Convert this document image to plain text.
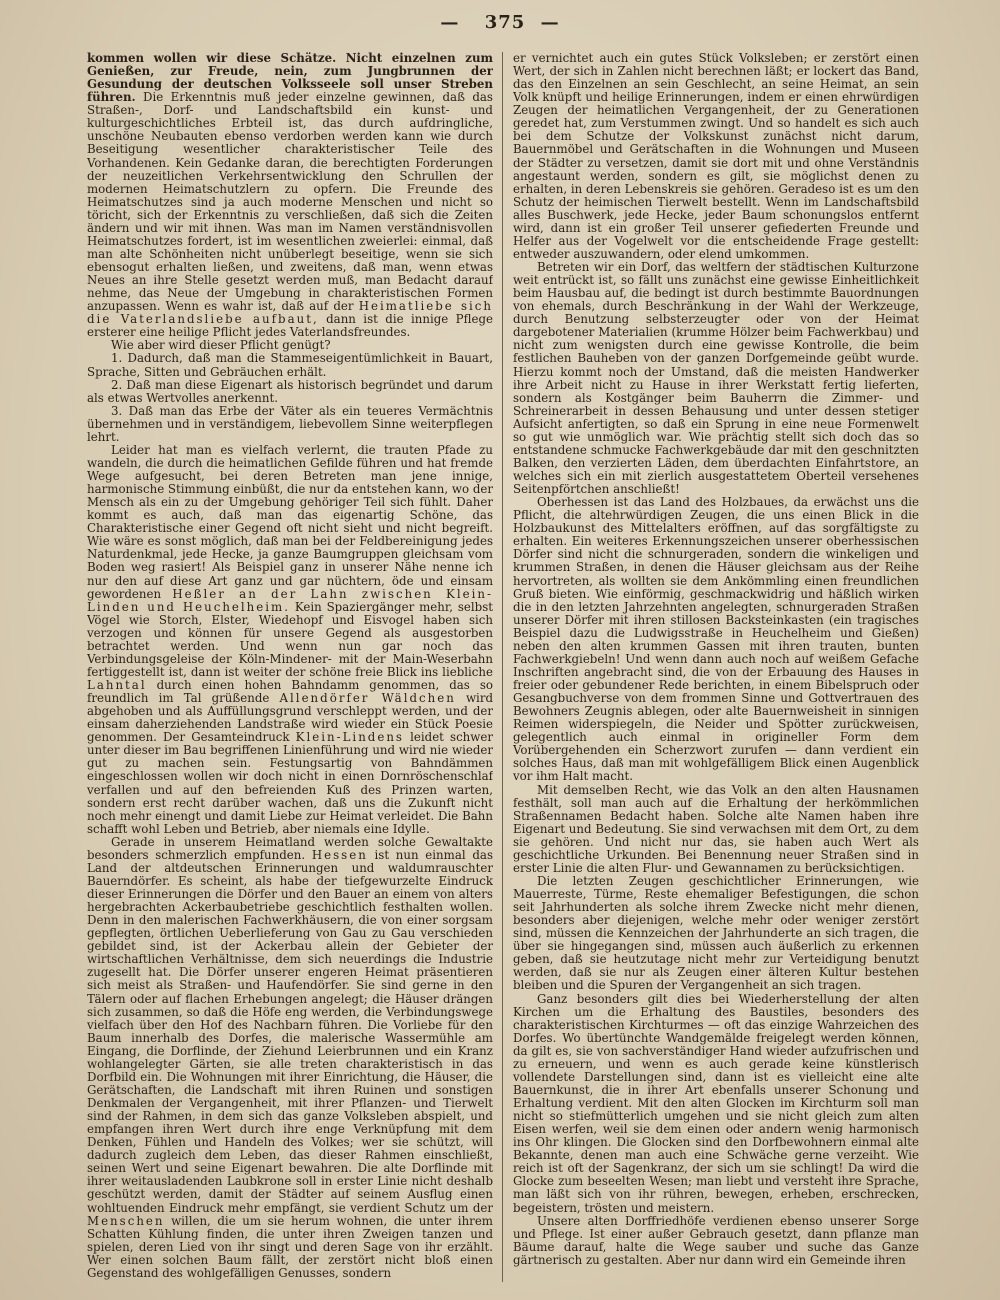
— 375 —

kommen wollen wir diese Schätze. Nicht einzelnen zum Genießen, zur Freude, nein, zum Jungbrunnen der Gesundung der deutschen Volksseele soll unser Streben führen. Die Erkenntnis muß jeder einzelne gewinnen, daß das Straßen-, Dorf- und Landschaftsbild ein kunst- und kulturgeschichtliches Erbteil ist, das durch aufdringliche, unschöne Neubauten ebenso verdorben werden kann wie durch Beseitigung wesentlicher charakteristischer Teile des Vorhandenen. Kein Gedanke daran, die berechtigten Forderungen der neuzeitlichen Verkehrsentwicklung den Schrullen der modernen Heimatschutzlern zu opfern. Die Freunde des Heimatschutzes sind ja auch moderne Menschen und nicht so töricht, sich der Erkenntnis zu verschließen, daß sich die Zeiten ändern und wir mit ihnen. Was man im Namen verständnisvollen Heimatschutzes fordert, ist im wesentlichen zweierlei: einmal, daß man alte Schönheiten nicht unüberlegt beseitige, wenn sie sich ebensogut erhalten ließen, und zweitens, daß man, wenn etwas Neues an ihre Stelle gesetzt werden muß, man Bedacht darauf nehme, das Neue der Umgebung in charakteristischen Formen anzupassen. Wenn es wahr ist, daß auf der Heimatliebe sich die Vaterlandsliebe aufbaut, dann ist die innige Pflege ersterer eine heilige Pflicht jedes Vaterlandsfreundes.

Wie aber wird dieser Pflicht genügt?

1. Dadurch, daß man die Stammeseigentümlichkeit in Bauart, Sprache, Sitten und Gebräuchen erhält.

2. Daß man diese Eigenart als historisch begründet und darum als etwas Wertvolles anerkennt.

3. Daß man das Erbe der Väter als ein teueres Vermächtnis übernehmen und in verständigem, liebevollem Sinne weiterpflegen lehrt.

Leider hat man es vielfach verlernt, die trauten Pfade zu wandeln, die durch die heimatlichen Gefilde führen und hat fremde Wege aufgesucht, bei deren Betreten man jene innige, harmonische Stimmung einbüßt, die nur da entstehen kann, wo der Mensch als ein zu der Umgebung gehöriger Teil sich fühlt. Daher kommt es auch, daß man das eigenartig Schöne, das Charakteristische einer Gegend oft nicht sieht und nicht begreift. Wie wäre es sonst möglich, daß man bei der Feldbereinigung jedes Naturdenkmal, jede Hecke, ja ganze Baumgruppen gleichsam vom Boden weg rasiert! Als Beispiel ganz in unserer Nähe nenne ich nur den auf diese Art ganz und gar nüchtern, öde und einsam gewordenen Heßler an der Lahn zwischen Klein-Linden und Heuchelheim. Kein Spaziergänger mehr, selbst Vögel wie Storch, Elster, Wiedehopf und Eisvogel haben sich verzogen und können für unsere Gegend als ausgestorben betrachtet werden. Und wenn nun gar noch das Verbindungsgeleise der Köln-Mindener- mit der Main-Weserbahn fertiggestellt ist, dann ist weiter der schöne freie Blick ins liebliche Lahntal durch einen hohen Bahndamm genommen, das so freundlich im Tal grüßende Allendörfer Wäldchen wird abgehoben und als Auffüllungsgrund verschleppt werden, und der einsam daherziehenden Landstraße wird wieder ein Stück Poesie genommen. Der Gesamteindruck Klein-Lindens leidet schwer unter dieser im Bau begriffenen Linienführung und wird nie wieder gut zu machen sein. Festungsartig von Bahndämmen eingeschlossen wollen wir doch nicht in einen Dornröschenschlaf verfallen und auf den befreienden Kuß des Prinzen warten, sondern erst recht darüber wachen, daß uns die Zukunft nicht noch mehr einengt und damit Liebe zur Heimat verleidet. Die Bahn schafft wohl Leben und Betrieb, aber niemals eine Idylle.

Gerade in unserem Heimatland werden solche Gewaltakte besonders schmerzlich empfunden. Hessen ist nun einmal das Land der altdeutschen Erinnerungen und waldumrauschter Bauerndörfer. Es scheint, als habe der tiefgewurzelte Eindruck dieser Erinnerungen die Dörfer und den Bauer an einem von alters hergebrachten Ackerbaubetriebe geschichtlich festhalten wollen. Denn in den malerischen Fachwerkhäusern, die von einer sorgsam gepflegten, örtlichen Ueberlieferung von Gau zu Gau verschieden gebildet sind, ist der Ackerbau allein der Gebieter der wirtschaftlichen Verhältnisse, dem sich neuerdings die Industrie zugesellt hat. Die Dörfer unserer engeren Heimat präsentieren sich meist als Straßen- und Haufendörfer. Sie sind gerne in den Tälern oder auf flachen Erhebungen angelegt; die Häuser drängen sich zusammen, so daß die Höfe eng werden, die Verbindungswege vielfach über den Hof des Nachbarn führen. Die Vorliebe für den Baum innerhalb des Dorfes, die malerische Wassermühle am Eingang, die Dorflinde, der Ziehund Leierbrunnen und ein Kranz wohlangelegter Gärten, sie alle treten charakteristisch in das Dorfbild ein. Die Wohnungen mit ihrer Einrichtung, die Häuser, die Gerätschaften, die Landschaft mit ihren Ruinen und sonstigen Denkmalen der Vergangenheit, mit ihrer Pflanzen- und Tierwelt sind der Rahmen, in dem sich das ganze Volksleben abspielt, und empfangen ihren Wert durch ihre enge Verknüpfung mit dem Denken, Fühlen und Handeln des Volkes; wer sie schützt, will dadurch zugleich dem Leben, das dieser Rahmen einschließt, seinen Wert und seine Eigenart bewahren. Die alte Dorflinde mit ihrer weitausladenden Laubkrone soll in erster Linie nicht deshalb geschützt werden, damit der Städter auf seinem Ausflug einen wohltuenden Eindruck mehr empfängt, sie verdient Schutz um der Menschen willen, die um sie herum wohnen, die unter ihrem Schatten Kühlung finden, die unter ihren Zweigen tanzen und spielen, deren Lied von ihr singt und deren Sage von ihr erzählt. Wer einen solchen Baum fällt, der zerstört nicht bloß einen Gegenstand des wohlgefälligen Genusses, sondern

er vernichtet auch ein gutes Stück Volksleben; er zerstört einen Wert, der sich in Zahlen nicht berechnen läßt; er lockert das Band, das den Einzelnen an sein Geschlecht, an seine Heimat, an sein Volk knüpft und heilige Erinnerungen, indem er einen ehrwürdigen Zeugen der heimatlichen Vergangenheit, der zu Generationen geredet hat, zum Verstummen zwingt. Und so handelt es sich auch bei dem Schutze der Volkskunst zunächst nicht darum, Bauernmöbel und Gerätschaften in die Wohnungen und Museen der Städter zu versetzen, damit sie dort mit und ohne Verständnis angestaunt werden, sondern es gilt, sie möglichst denen zu erhalten, in deren Lebenskreis sie gehören. Geradeso ist es um den Schutz der heimischen Tierwelt bestellt. Wenn im Landschaftsbild alles Buschwerk, jede Hecke, jeder Baum schonungslos entfernt wird, dann ist ein großer Teil unserer gefiederten Freunde und Helfer aus der Vogelwelt vor die entscheidende Frage gestellt: entweder auszuwandern, oder elend umkommen.

Betreten wir ein Dorf, das weltfern der städtischen Kulturzone weit entrückt ist, so fällt uns zunächst eine gewisse Einheitlichkeit beim Hausbau auf, die bedingt ist durch bestimmte Bauordnungen von ehemals, durch Beschränkung in der Wahl der Werkzeuge, durch Benutzung selbsterzeugter oder von der Heimat dargebotener Materialien (krumme Hölzer beim Fachwerkbau) und nicht zum wenigsten durch eine gewisse Kontrolle, die beim festlichen Bauheben von der ganzen Dorfgemeinde geübt wurde. Hierzu kommt noch der Umstand, daß die meisten Handwerker ihre Arbeit nicht zu Hause in ihrer Werkstatt fertig lieferten, sondern als Kostgänger beim Bauherrn die Zimmer- und Schreinerarbeit in dessen Behausung und unter dessen stetiger Aufsicht anfertigten, so daß ein Sprung in eine neue Formenwelt so gut wie unmöglich war. Wie prächtig stellt sich doch das so entstandene schmucke Fachwerkgebäude dar mit den geschnitzten Balken, den verzierten Läden, dem überdachten Einfahrtstore, an welches sich ein mit zierlich ausgestattetem Oberteil versehenes Seitenpförtchen anschließt!

Oberhessen ist das Land des Holzbaues, da erwächst uns die Pflicht, die altehrwürdigen Zeugen, die uns einen Blick in die Holzbaukunst des Mittelalters eröffnen, auf das sorgfältigste zu erhalten. Ein weiteres Erkennungszeichen unserer oberhessischen Dörfer sind nicht die schnurgeraden, sondern die winkeligen und krummen Straßen, in denen die Häuser gleichsam aus der Reihe hervortreten, als wollten sie dem Ankömmling einen freundlichen Gruß bieten. Wie einförmig, geschmackwidrig und häßlich wirken die in den letzten Jahrzehnten angelegten, schnurgeraden Straßen unserer Dörfer mit ihren stillosen Backsteinkasten (ein tragisches Beispiel dazu die Ludwigsstraße in Heuchelheim und Gießen) neben den alten krummen Gassen mit ihren trauten, bunten Fachwerkgiebeln! Und wenn dann auch noch auf weißem Gefache Inschriften angebracht sind, die von der Erbauung des Hauses in freier oder gebundener Rede berichten, in einem Bibelspruch oder Gesangbuchverse von dem frommen Sinne und Gottvertrauen des Bewohners Zeugnis ablegen, oder alte Bauernweisheit in sinnigen Reimen widerspiegeln, die Neider und Spötter zurückweisen, gelegentlich auch einmal in origineller Form dem Vorübergehenden ein Scherzwort zurufen — dann verdient ein solches Haus, daß man mit wohlgefälligem Blick einen Augenblick vor ihm Halt macht.

Mit demselben Recht, wie das Volk an den alten Hausnamen festhält, soll man auch auf die Erhaltung der herkömmlichen Straßennamen Bedacht haben. Solche alte Namen haben ihre Eigenart und Bedeutung. Sie sind verwachsen mit dem Ort, zu dem sie gehören. Und nicht nur das, sie haben auch Wert als geschichtliche Urkunden. Bei Benennung neuer Straßen sind in erster Linie die alten Flur- und Gewannamen zu berücksichtigen.

Die letzten Zeugen geschichtlicher Erinnerungen, wie Mauerreste, Türme, Reste ehemaliger Befestigungen, die schon seit Jahrhunderten als solche ihrem Zwecke nicht mehr dienen, besonders aber diejenigen, welche mehr oder weniger zerstört sind, müssen die Kennzeichen der Jahrhunderte an sich tragen, die über sie hingegangen sind, müssen auch äußerlich zu erkennen geben, daß sie heutzutage nicht mehr zur Verteidigung benutzt werden, daß sie nur als Zeugen einer älteren Kultur bestehen bleiben und die Spuren der Vergangenheit an sich tragen.

Ganz besonders gilt dies bei Wiederherstellung der alten Kirchen um die Erhaltung des Baustiles, besonders des charakteristischen Kirchturmes — oft das einzige Wahrzeichen des Dorfes. Wo übertünchte Wandgemälde freigelegt werden können, da gilt es, sie von sachverständiger Hand wieder aufzufrischen und zu erneuern, und wenn es auch gerade keine künstlerisch vollendete Darstellungen sind, dann ist es vielleicht eine alte Bauernkunst, die in ihrer Art ebenfalls unserer Schonung und Erhaltung verdient. Mit den alten Glocken im Kirchturm soll man nicht so stiefmütterlich umgehen und sie nicht gleich zum alten Eisen werfen, weil sie dem einen oder andern wenig harmonisch ins Ohr klingen. Die Glocken sind den Dorfbewohnern einmal alte Bekannte, denen man auch eine Schwäche gerne verzeiht. Wie reich ist oft der Sagenkranz, der sich um sie schlingt! Da wird die Glocke zum beseelten Wesen; man liebt und versteht ihre Sprache, man läßt sich von ihr rühren, bewegen, erheben, erschrecken, begeistern, trösten und meistern.

Unsere alten Dorffriedhöfe verdienen ebenso unserer Sorge und Pflege. Ist einer außer Gebrauch gesetzt, dann pflanze man Bäume darauf, halte die Wege sauber und suche das Ganze gärtnerisch zu gestalten. Aber nur dann wird ein Gemeinde ihren
